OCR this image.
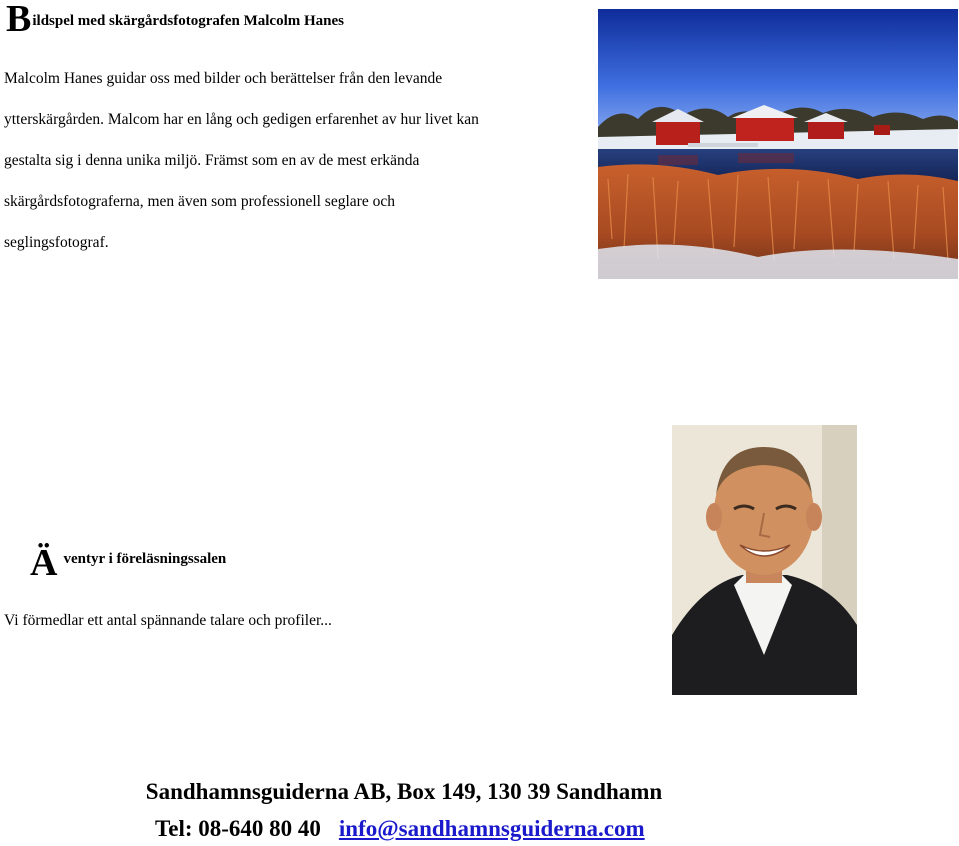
Bildspel med skärgårdsfotografen Malcolm Hanes
Malcolm Hanes guidar oss med bilder och berättelser från den levande
ytterskärgården. Malcom har en lång och gedigen erfarenhet av hur livet kan
gestalta sig i denna unika miljö. Främst som en av de mest erkända
skärgårdsfotograferna, men även som professionell seglare och
seglingsfotograf.
Äventyr i föreläsningssalen
Vi förmedlar ett antal spännande talare och profiler...
Sandhamnsguiderna AB, Box 149, 130 39 Sandhamn
Tel: 08-640 80 40 info@sandhamnsguiderna.com
